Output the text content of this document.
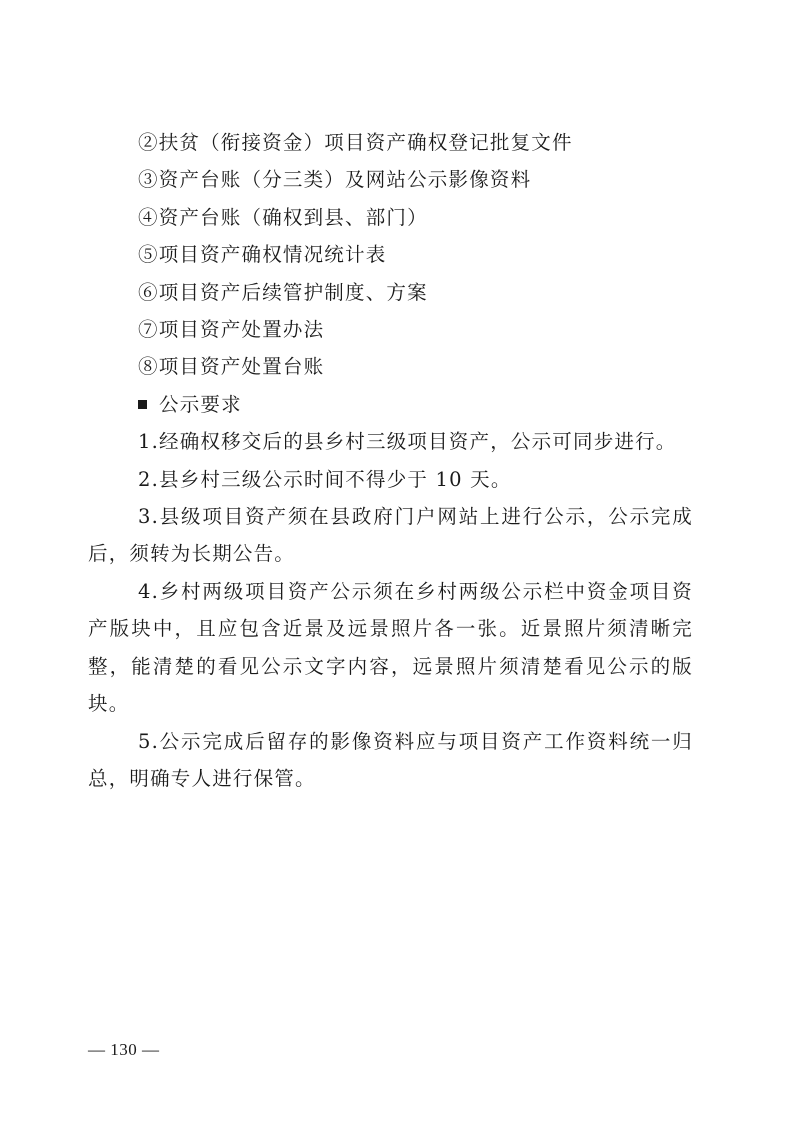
②扶贫（衔接资金）项目资产确权登记批复文件
③资产台账（分三类）及网站公示影像资料
④资产台账（确权到县、部门）
⑤项目资产确权情况统计表
⑥项目资产后续管护制度、方案
⑦项目资产处置办法
⑧项目资产处置台账
公示要求

1.经确权移交后的县乡村三级项目资产，公示可同步进行。

2.县乡村三级公示时间不得少于 10 天。

3.县级项目资产须在县政府门户网站上进行公示，公示完成后，须转为长期公告。

4.乡村两级项目资产公示须在乡村两级公示栏中资金项目资产版块中，且应包含近景及远景照片各一张。近景照片须清晰完整，能清楚的看见公示文字内容，远景照片须清楚看见公示的版块。

5.公示完成后留存的影像资料应与项目资产工作资料统一归总，明确专人进行保管。

— 130 —
